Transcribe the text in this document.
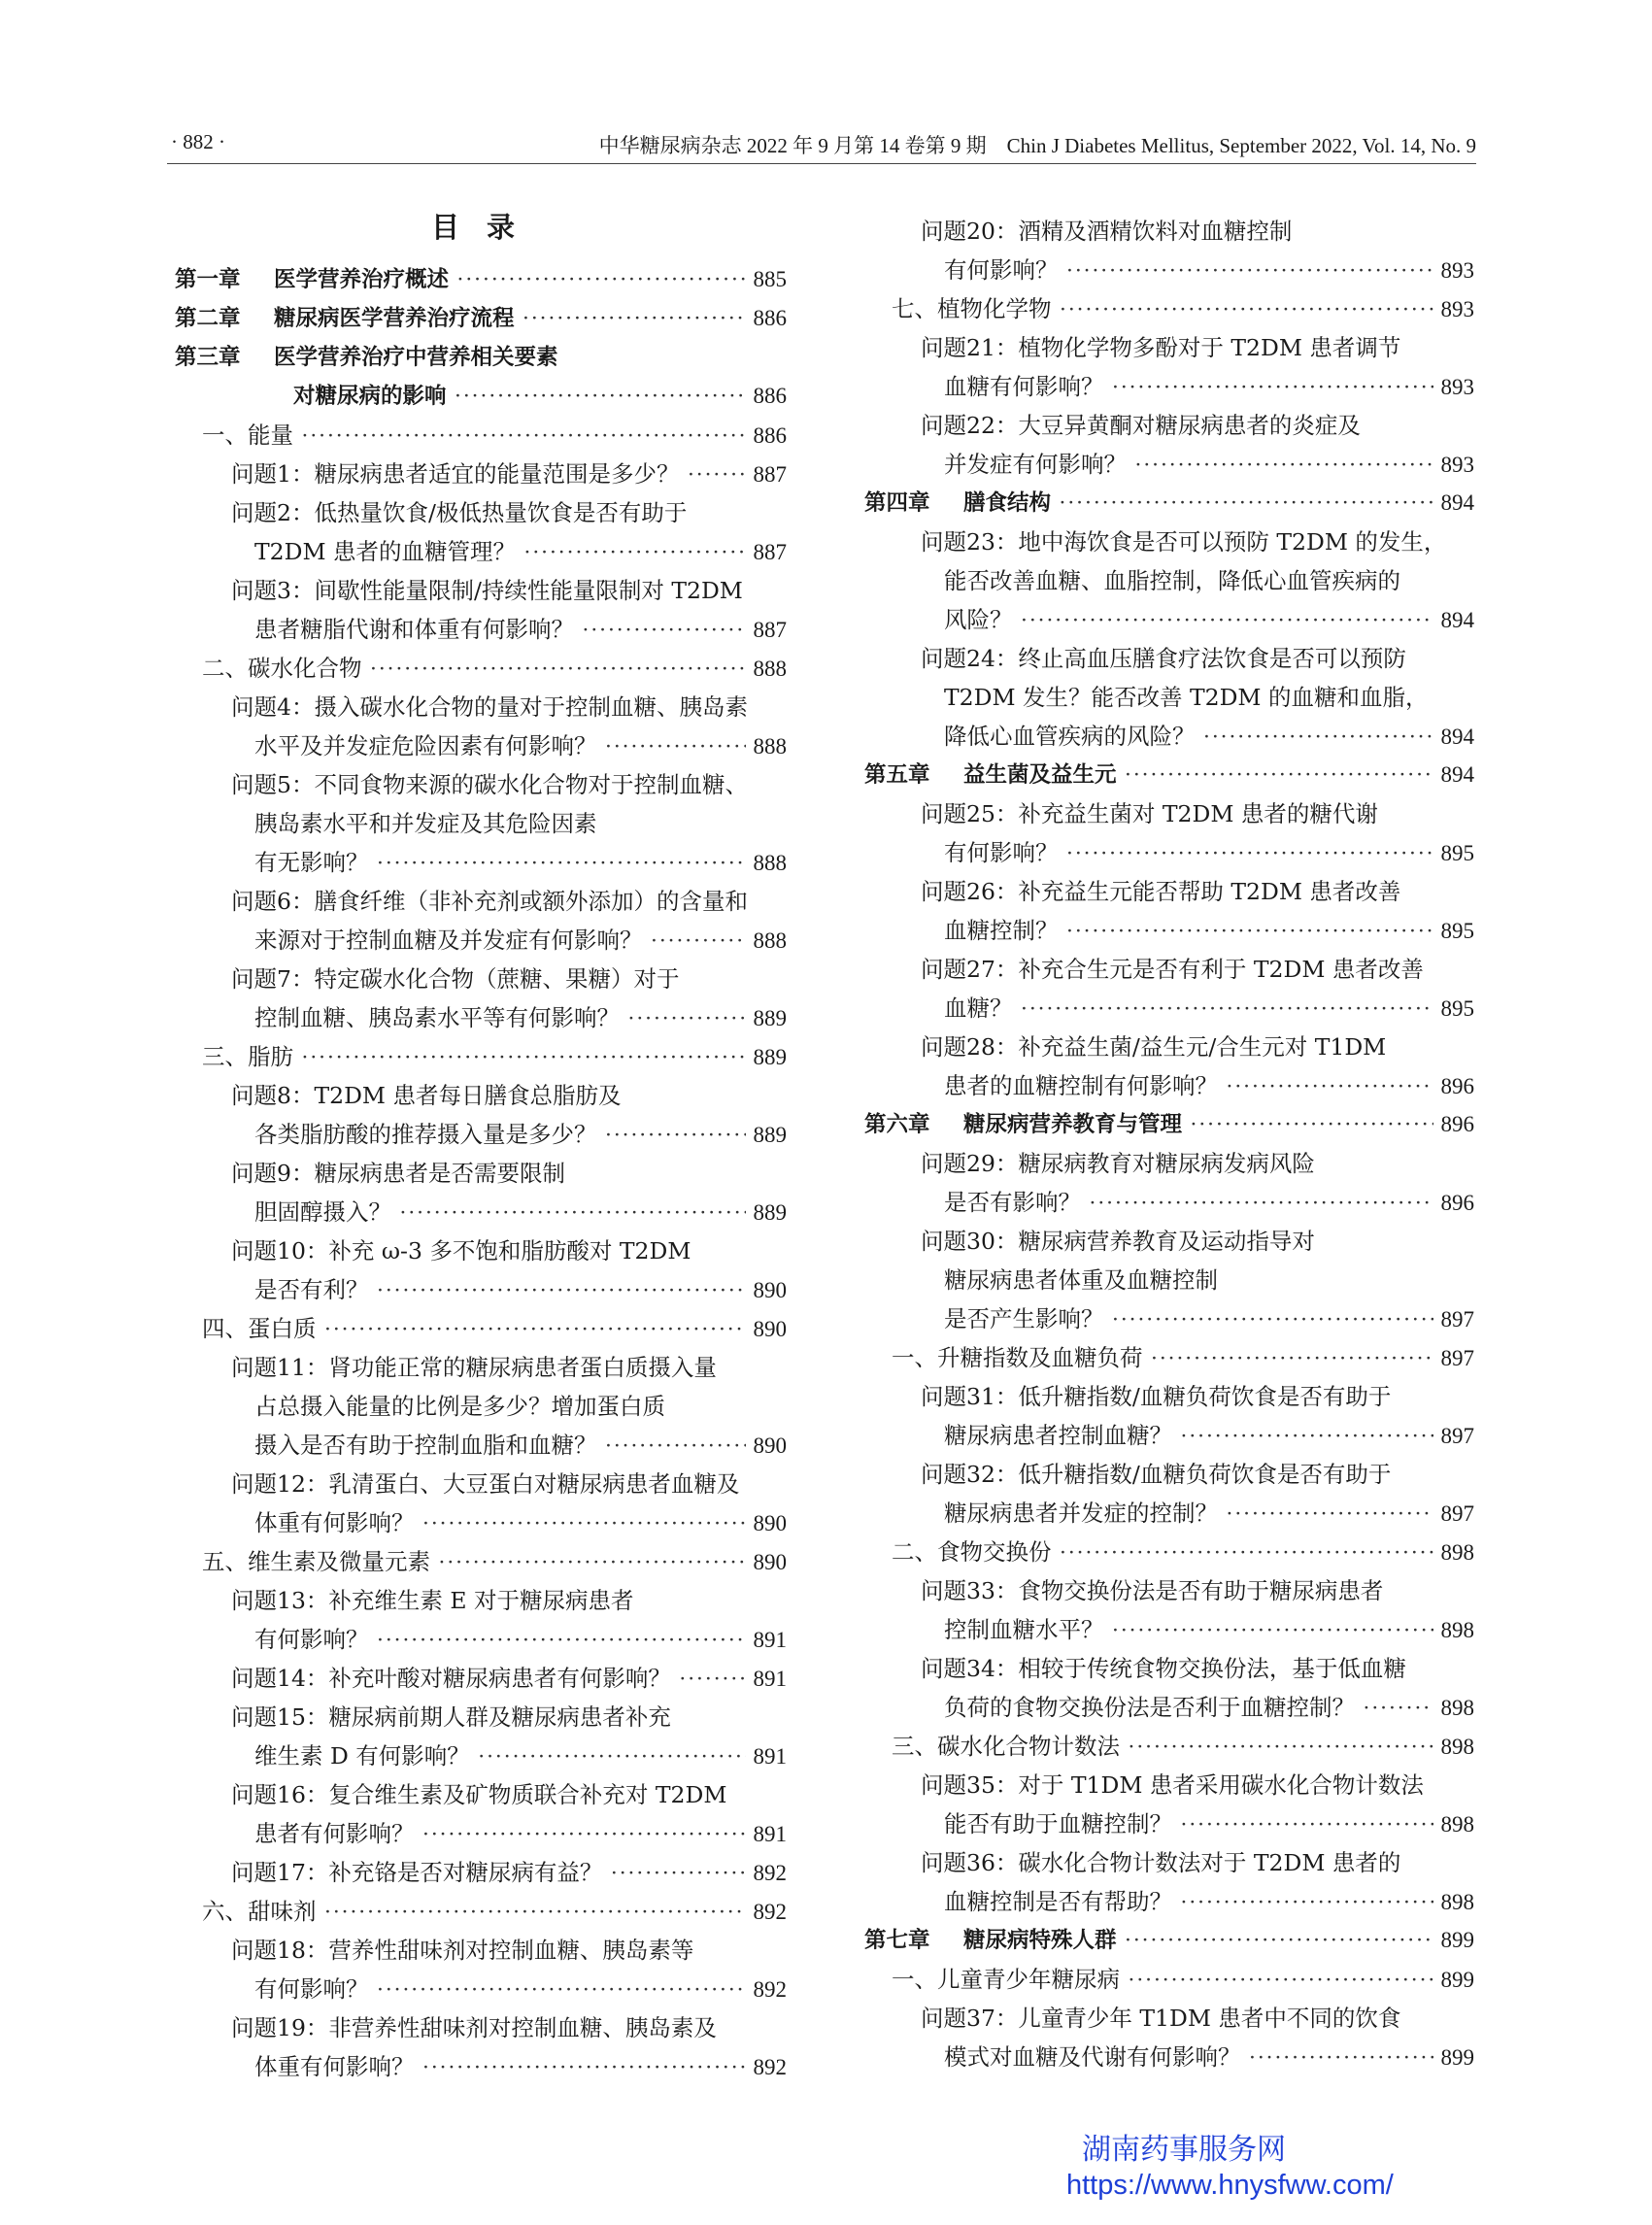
· 882 ·	中华糖尿病杂志 2022 年 9 月第 14 卷第 9 期　Chin J Diabetes Mellitus, September 2022, Vol. 14, No. 9
目录
第一章 医学营养治疗概述 ·····	885
第二章 糖尿病医学营养治疗流程 ·····	886
第三章 医学营养治疗中营养相关要素
对糖尿病的影响 ·····	886
一、能量 ·····	886
问题1：糖尿病患者适宜的能量范围是多少？ ·····	887
问题2：低热量饮食/极低热量饮食是否有助于
T2DM 患者的血糖管理？ ·····	887
问题3：间歇性能量限制/持续性能量限制对 T2DM
患者糖脂代谢和体重有何影响？ ·····	887
二、碳水化合物 ·····	888
问题4：摄入碳水化合物的量对于控制血糖、胰岛素
水平及并发症危险因素有何影响？ ·····	888
问题5：不同食物来源的碳水化合物对于控制血糖、
胰岛素水平和并发症及其危险因素
有无影响？ ·····	888
问题6：膳食纤维（非补充剂或额外添加）的含量和
来源对于控制血糖及并发症有何影响？ ·····	888
问题7：特定碳水化合物（蔗糖、果糖）对于
控制血糖、胰岛素水平等有何影响？ ·····	889
三、脂肪 ·····	889
问题8：T2DM 患者每日膳食总脂肪及
各类脂肪酸的推荐摄入量是多少？ ·····	889
问题9：糖尿病患者是否需要限制
胆固醇摄入？ ·····	889
问题10：补充 ω-3 多不饱和脂肪酸对 T2DM
是否有利？ ·····	890
四、蛋白质 ·····	890
问题11：肾功能正常的糖尿病患者蛋白质摄入量
占总摄入能量的比例是多少？增加蛋白质
摄入是否有助于控制血脂和血糖？ ·····	890
问题12：乳清蛋白、大豆蛋白对糖尿病患者血糖及
体重有何影响？ ·····	890
五、维生素及微量元素 ·····	890
问题13：补充维生素 E 对于糖尿病患者
有何影响？ ·····	891
问题14：补充叶酸对糖尿病患者有何影响？ ·····	891
问题15：糖尿病前期人群及糖尿病患者补充
维生素 D 有何影响？ ·····	891
问题16：复合维生素及矿物质联合补充对 T2DM
患者有何影响？ ·····	891
问题17：补充铬是否对糖尿病有益？ ·····	892
六、甜味剂 ·····	892
问题18：营养性甜味剂对控制血糖、胰岛素等
有何影响？ ·····	892
问题19：非营养性甜味剂对控制血糖、胰岛素及
体重有何影响？ ·····	892
问题20：酒精及酒精饮料对血糖控制
有何影响？ ·····	893
七、植物化学物 ·····	893
问题21：植物化学物多酚对于 T2DM 患者调节
血糖有何影响？ ·····	893
问题22：大豆异黄酮对糖尿病患者的炎症及
并发症有何影响？ ·····	893
第四章 膳食结构 ·····	894
问题23：地中海饮食是否可以预防 T2DM 的发生，
能否改善血糖、血脂控制，降低心血管疾病的
风险？ ·····	894
问题24：终止高血压膳食疗法饮食是否可以预防
T2DM 发生？能否改善 T2DM 的血糖和血脂，
降低心血管疾病的风险？ ·····	894
第五章 益生菌及益生元 ·····	894
问题25：补充益生菌对 T2DM 患者的糖代谢
有何影响？ ·····	895
问题26：补充益生元能否帮助 T2DM 患者改善
血糖控制？ ·····	895
问题27：补充合生元是否有利于 T2DM 患者改善
血糖？ ·····	895
问题28：补充益生菌/益生元/合生元对 T1DM
患者的血糖控制有何影响？ ·····	896
第六章 糖尿病营养教育与管理 ·····	896
问题29：糖尿病教育对糖尿病发病风险
是否有影响？ ·····	896
问题30：糖尿病营养教育及运动指导对
糖尿病患者体重及血糖控制
是否产生影响？ ·····	897
一、升糖指数及血糖负荷 ·····	897
问题31：低升糖指数/血糖负荷饮食是否有助于
糖尿病患者控制血糖？ ·····	897
问题32：低升糖指数/血糖负荷饮食是否有助于
糖尿病患者并发症的控制？ ·····	897
二、食物交换份 ·····	898
问题33：食物交换份法是否有助于糖尿病患者
控制血糖水平？ ·····	898
问题34：相较于传统食物交换份法，基于低血糖
负荷的食物交换份法是否利于血糖控制？ ·····	898
三、碳水化合物计数法 ·····	898
问题35：对于 T1DM 患者采用碳水化合物计数法
能否有助于血糖控制？ ·····	898
问题36：碳水化合物计数法对于 T2DM 患者的
血糖控制是否有帮助？ ·····	898
第七章 糖尿病特殊人群 ·····	899
一、儿童青少年糖尿病 ·····	899
问题37：儿童青少年 T1DM 患者中不同的饮食
模式对血糖及代谢有何影响？ ·····	899
湖南药事服务网
https://www.hnysfww.com/
